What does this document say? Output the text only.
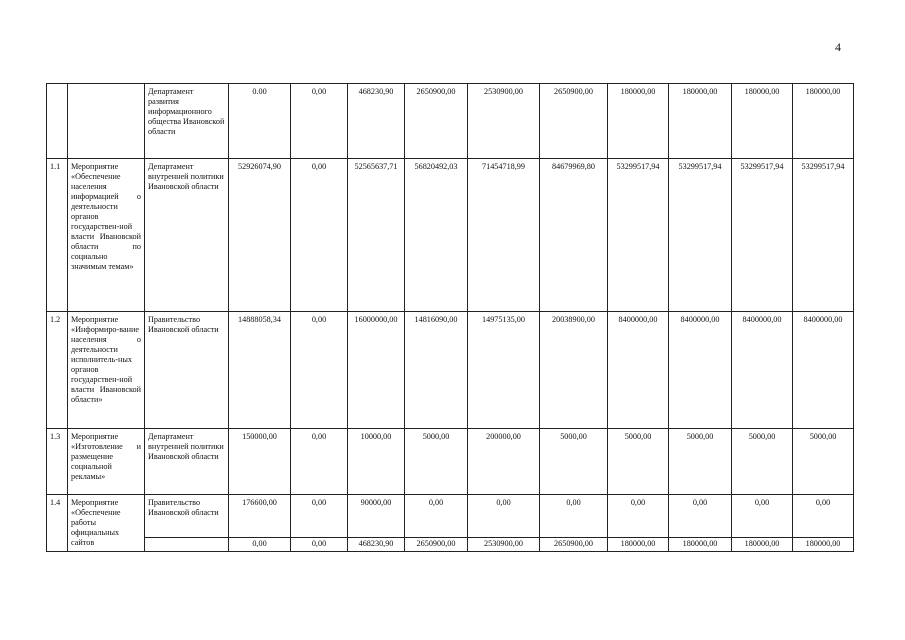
4
		Департамент развития информационного общества Ивановской области	0.00	0,00	468230,90	2650900,00	2530900,00	2650900,00	180000,00	180000,00	180000,00	180000,00
1.1	Мероприятие «Обеспечение населения информацией о деятельности органов государствен-ной власти Ивановской области по социально значимым темам»	Департамент внутренней политики Ивановской области	52926074,90	0,00	52565637,71	56820492,03	71454718,99	84679969,80	53299517,94	53299517,94	53299517,94	53299517,94
1.2	Мероприятие «Информиро-вание населения о деятельности исполнитель-ных органов государствен-ной власти Ивановской области»	Правительство Ивановской области	14888058,34	0,00	16000000,00	14816090,00	14975135,00	20038900,00	8400000,00	8400000,00	8400000,00	8400000,00
1.3	Мероприятие «Изготовление и размещение социальной рекламы»	Департамент внутренней политики Ивановской области	150000,00	0,00	10000,00	5000,00	200000,00	5000,00	5000,00	5000,00	5000,00	5000,00
1.4	Мероприятие «Обеспечение работы официальных сайтов	Правительство Ивановской области	176600,00	0,00	90000,00	0,00	0,00	0,00	0,00	0,00	0,00	0,00
			0,00	0,00	468230,90	2650900,00	2530900,00	2650900,00	180000,00	180000,00	180000,00	180000,00
